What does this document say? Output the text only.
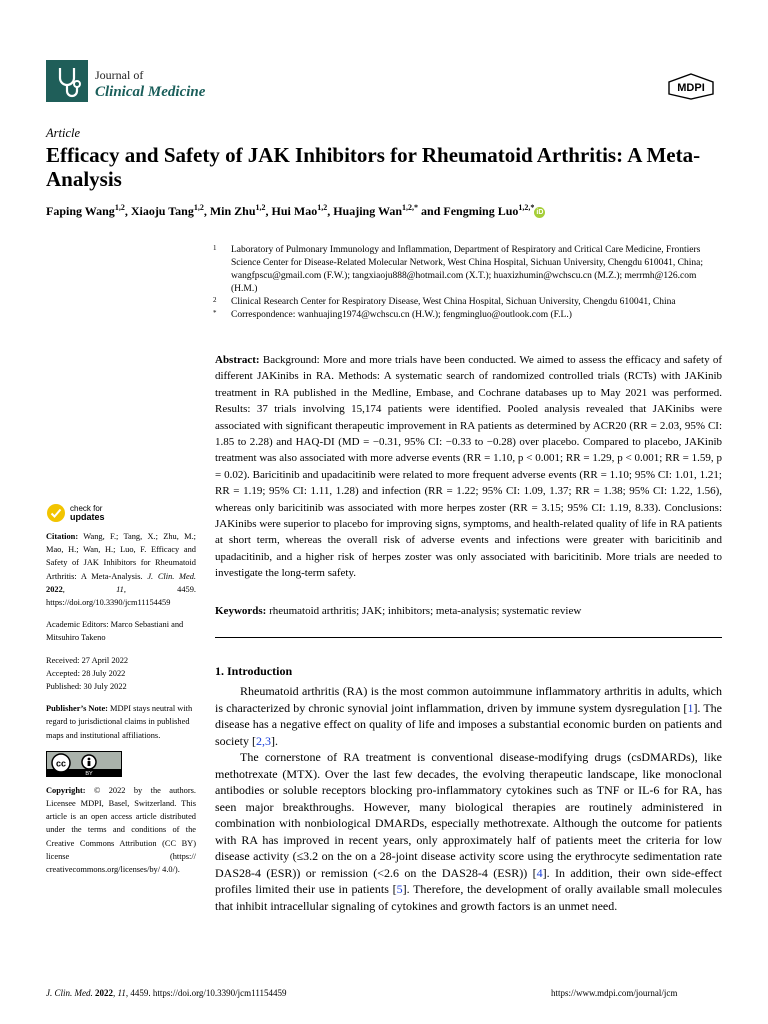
Journal of
Clinical Medicine	MDPI
Article
Efficacy and Safety of JAK Inhibitors for Rheumatoid Arthritis: A Meta-Analysis
Faping Wang$^{1,2}$, Xiaoju Tang$^{1,2}$, Min Zhu$^{1,2}$, Hui Mao$^{1,2}$, Huajing Wan$^{1,2,*}$ and Fengming Luo$^{1,2,*}$iD
1 Laboratory of Pulmonary Immunology and Inflammation, Department of Respiratory and Critical Care Medicine, Frontiers Science Center for Disease-Related Molecular Network, West China Hospital, Sichuan University, Chengdu 610041, China; wangfpscu@gmail.com (F.W.); tangxiaoju888@hotmail.com (X.T.); huaxizhumin@wchscu.cn (M.Z.); merrmh@126.com (H.M.)
2 Clinical Research Center for Respiratory Disease, West China Hospital, Sichuan University, Chengdu 610041, China
* Correspondence: wanhuajing1974@wchscu.cn (H.W.); fengmingluo@outlook.com (F.L.)
Abstract: Background: More and more trials have been conducted. We aimed to assess the efficacy and safety of different JAKinibs in RA. Methods: A systematic search of randomized controlled trials (RCTs) with JAKinib treatment in RA published in the Medline, Embase, and Cochrane databases up to May 2021 was performed. Results: 37 trials involving 15,174 patients were identified. Pooled analysis revealed that JAKinibs were associated with significant therapeutic improvement in RA patients as determined by ACR20 (RR = 2.03, 95% CI: 1.85 to 2.28) and HAQ-DI (MD = −0.31, 95% CI: −0.33 to −0.28) over placebo. Compared to placebo, JAKinib treatment was also associated with more adverse events (RR = 1.10, p < 0.001; RR = 1.29, p < 0.001; RR = 1.59, p = 0.02). Baricitinib and upadacitinib were related to more frequent adverse events (RR = 1.10; 95% CI: 1.01, 1.21; RR = 1.19; 95% CI: 1.11, 1.28) and infection (RR = 1.22; 95% CI: 1.09, 1.37; RR = 1.38; 95% CI: 1.22, 1.56), whereas only baricitinib was associated with more herpes zoster (RR = 3.15; 95% CI: 1.19, 8.33). Conclusions: JAKinibs were superior to placebo for improving signs, symptoms, and health-related quality of life in RA patients at short term, whereas the overall risk of adverse events and infections were greater with baricitinib and upadacitinib, and a higher risk of herpes zoster was only associated with baricitinib. More trials are needed to investigate the long-term safety.
Keywords: rheumatoid arthritis; JAK; inhibitors; meta-analysis; systematic review
check for
updates

Citation: Wang, F.; Tang, X.; Zhu, M.; Mao, H.; Wan, H.; Luo, F. Efficacy and Safety of JAK Inhibitors for Rheumatoid Arthritis: A Meta-Analysis. J. Clin. Med. 2022, 11, 4459. https://doi.org/10.3390/jcm11154459

Academic Editors: Marco Sebastiani and Mitsuhiro Takeno

Received: 27 April 2022
Accepted: 28 July 2022
Published: 30 July 2022

Publisher’s Note: MDPI stays neutral with regard to jurisdictional claims in published maps and institutional affiliations.

cc
BY

Copyright: © 2022 by the authors. Licensee MDPI, Basel, Switzerland. This article is an open access article distributed under the terms and conditions of the Creative Commons Attribution (CC BY) license (https:// creativecommons.org/licenses/by/ 4.0/).

1. Introduction

Rheumatoid arthritis (RA) is the most common autoimmune inflammatory arthritis in adults, which is characterized by chronic synovial joint inflammation, driven by immune system dysregulation [1]. The disease has a negative effect on quality of life and imposes a substantial economic burden on patients and society [2,3].

The cornerstone of RA treatment is conventional disease-modifying drugs (csDMARDs), like methotrexate (MTX). Over the last few decades, the evolving therapeutic landscape, like monoclonal antibodies or soluble receptors blocking pro-inflammatory cytokines such as TNF or IL-6 for RA, has seen major breakthroughs. However, many biological therapies are routinely administered in combination with nonbiological DMARDs, especially methotrexate. Although the outcome for patients with RA has improved in recent years, only approximately half of patients meet the criteria for low disease activity (≤3.2 on the on a 28-joint disease activity score using the erythrocyte sedimentation rate DAS28-4 (ESR)) or remission (<2.6 on the DAS28-4 (ESR)) [4]. In addition, their own side-effect profiles limited their use in patients [5]. Therefore, the development of orally available small molecules that inhibit intracellular signaling of cytokines and growth factors is an unmet need.

J. Clin. Med. 2022, 11, 4459. https://doi.org/10.3390/jcm11154459	https://www.mdpi.com/journal/jcm
